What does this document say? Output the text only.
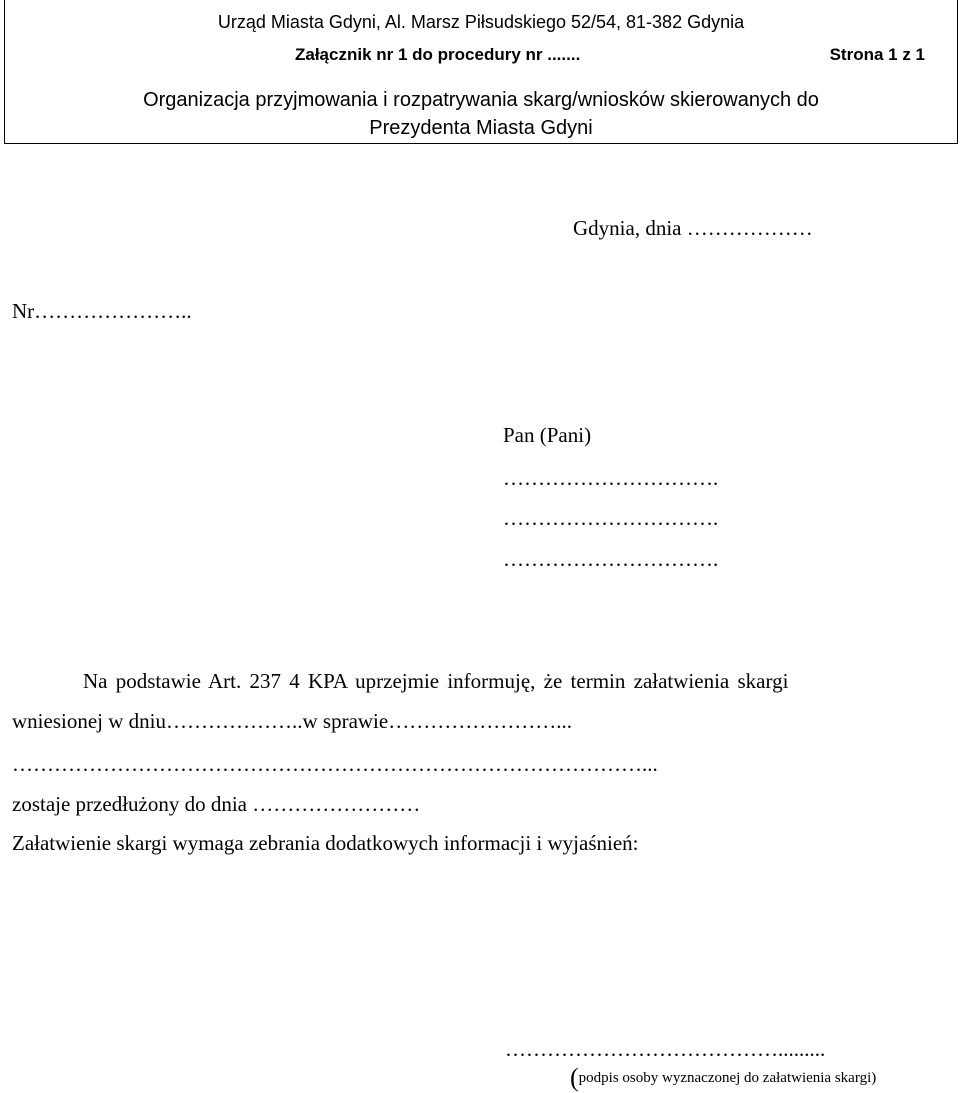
Urząd Miasta Gdyni, Al. Marsz Piłsudskiego 52/54, 81-382 Gdynia
Załącznik nr 1 do procedury nr .......	Strona 1 z 1
Organizacja przyjmowania i rozpatrywania skarg/wniosków skierowanych do
Prezydenta Miasta Gdyni
Gdynia, dnia ………………
Nr…………………..
Pan (Pani)
………………………….
………………………….
………………………….
Na podstawie Art. 237 4 KPA uprzejmie informuję, że termin załatwienia skargi
wniesionej w dniu………………..w sprawie……………………...
………………………………………………………………………………...
zostaje przedłużony do dnia ……………………
Załatwienie skargi wymaga zebrania dodatkowych informacji i wyjaśnień:
………………………………….........
(podpis osoby wyznaczonej do załatwienia skargi)
